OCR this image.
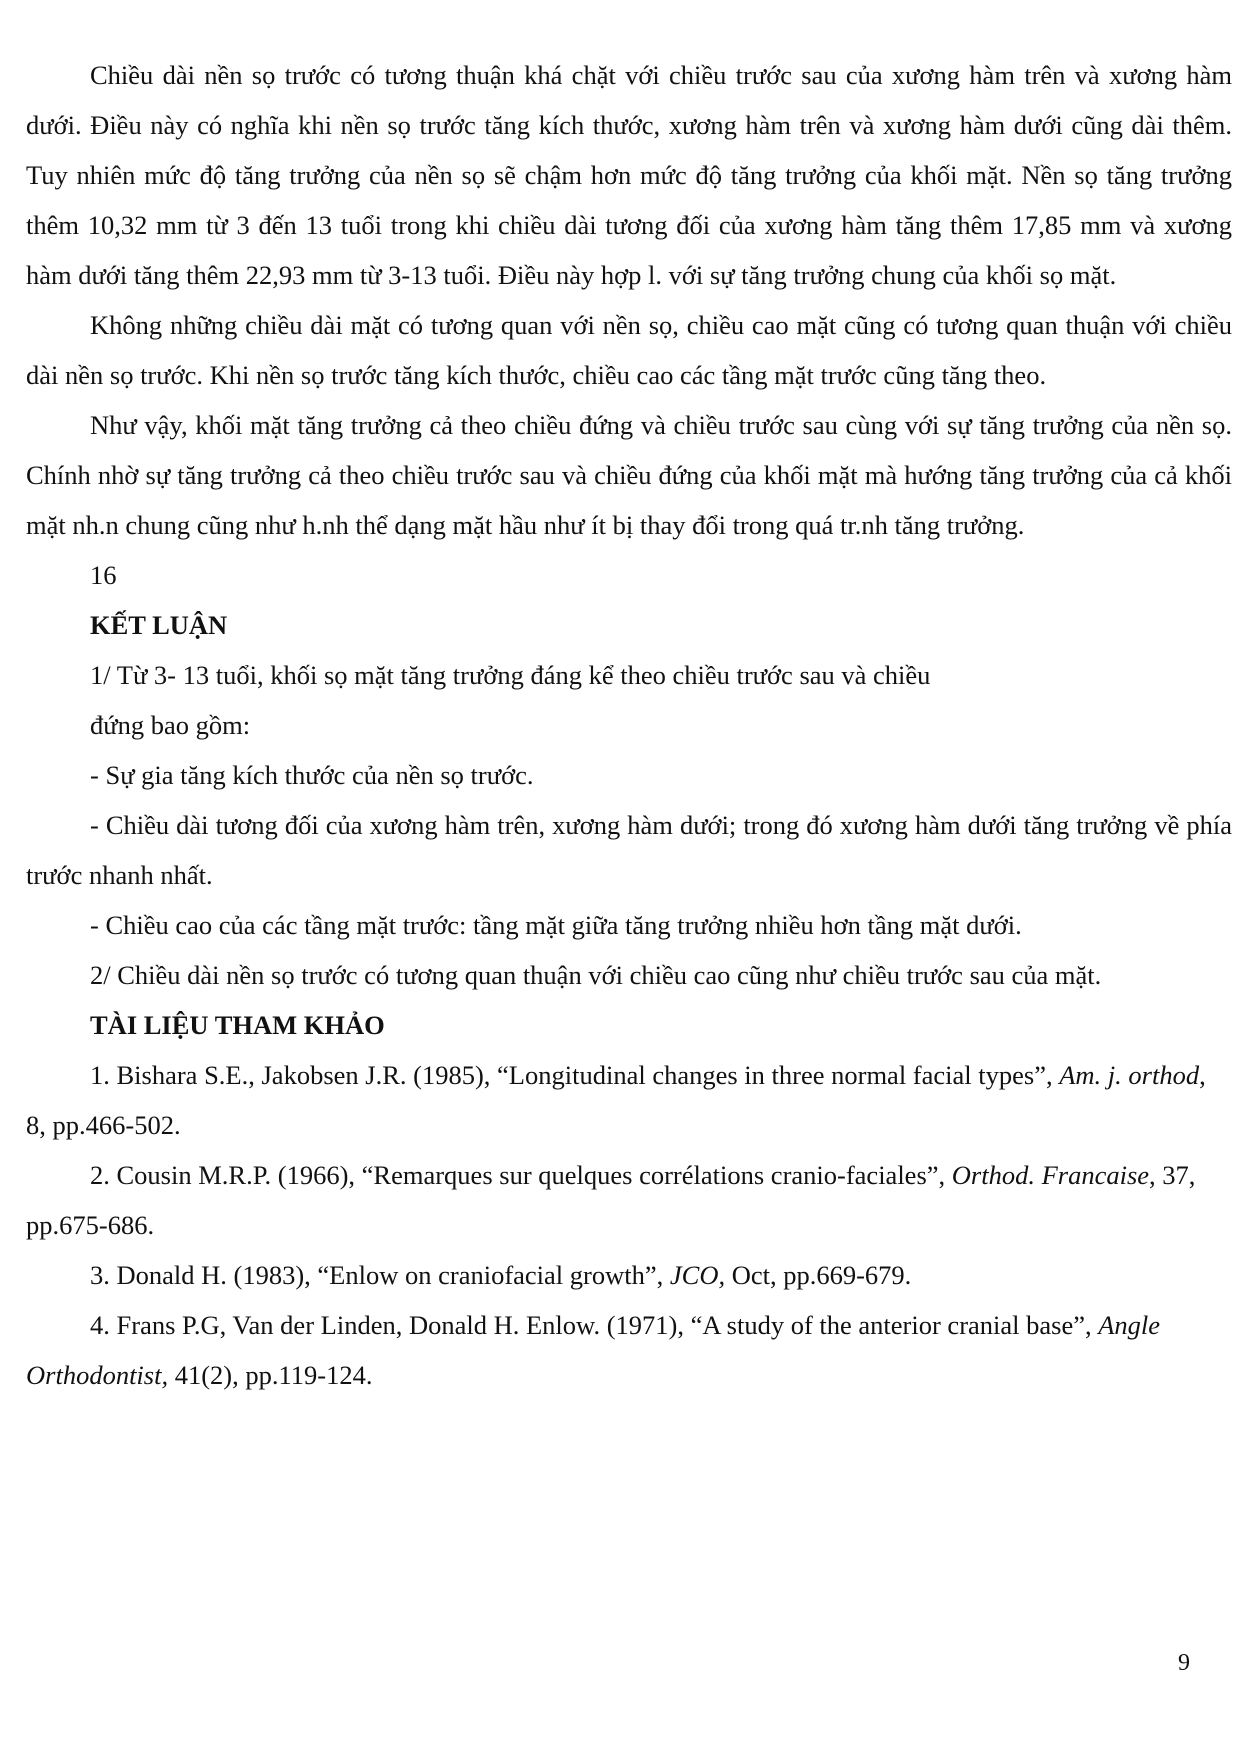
Chiều dài nền sọ trước có tương thuận khá chặt với chiều trước sau của xương hàm trên và xương hàm dưới. Điều này có nghĩa khi nền sọ trước tăng kích thước, xương hàm trên và xương hàm dưới cũng dài thêm. Tuy nhiên mức độ tăng trưởng của nền sọ sẽ chậm hơn mức độ tăng trưởng của khối mặt. Nền sọ tăng trưởng thêm 10,32 mm từ 3 đến 13 tuổi trong khi chiều dài tương đối của xương hàm tăng thêm 17,85 mm và xương hàm dưới tăng thêm 22,93 mm từ 3-13 tuổi. Điều này hợp l. với sự tăng trưởng chung của khối sọ mặt.

Không những chiều dài mặt có tương quan với nền sọ, chiều cao mặt cũng có tương quan thuận với chiều dài nền sọ trước. Khi nền sọ trước tăng kích thước, chiều cao các tầng mặt trước cũng tăng theo.

Như vậy, khối mặt tăng trưởng cả theo chiều đứng và chiều trước sau cùng với sự tăng trưởng của nền sọ. Chính nhờ sự tăng trưởng cả theo chiều trước sau và chiều đứng của khối mặt mà hướng tăng trưởng của cả khối mặt nh.n chung cũng như h.nh thể dạng mặt hầu như ít bị thay đổi trong quá tr.nh tăng trưởng.

16

KẾT LUẬN

1/ Từ 3- 13 tuổi, khối sọ mặt tăng trưởng đáng kể theo chiều trước sau và chiều

đứng bao gồm:

- Sự gia tăng kích thước của nền sọ trước.

- Chiều dài tương đối của xương hàm trên, xương hàm dưới; trong đó xương hàm dưới tăng trưởng về phía trước nhanh nhất.

- Chiều cao của các tầng mặt trước: tầng mặt giữa tăng trưởng nhiều hơn tầng mặt dưới.

2/ Chiều dài nền sọ trước có tương quan thuận với chiều cao cũng như chiều trước sau của mặt.

TÀI LIỆU THAM KHẢO

1. Bishara S.E., Jakobsen J.R. (1985), “Longitudinal changes in three normal facial types”, Am. j. orthod, 8, pp.466-502.

2. Cousin M.R.P. (1966), “Remarques sur quelques corrélations cranio-faciales”, Orthod. Francaise, 37, pp.675-686.

3. Donald H. (1983), “Enlow on craniofacial growth”, JCO, Oct, pp.669-679.

4. Frans P.G, Van der Linden, Donald H. Enlow. (1971), “A study of the anterior cranial base”, Angle Orthodontist, 41(2), pp.119-124.

9
